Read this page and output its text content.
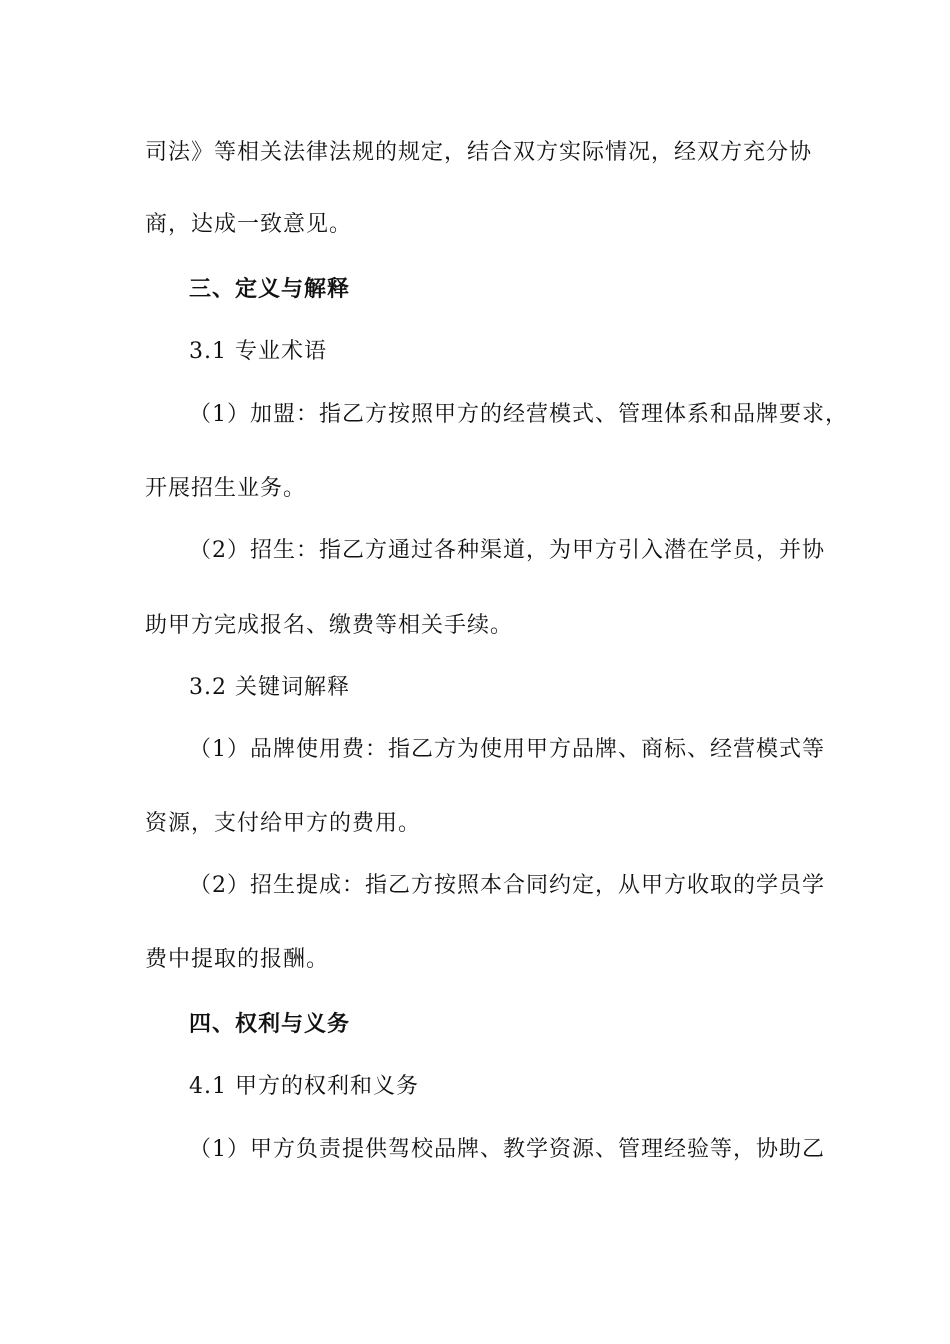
司法》等相关法律法规的规定，结合双方实际情况，经双方充分协
商，达成一致意见。
三、定义与解释
3.1 专业术语
（1）加盟：指乙方按照甲方的经营模式、管理体系和品牌要求，
开展招生业务。
（2）招生：指乙方通过各种渠道，为甲方引入潜在学员，并协
助甲方完成报名、缴费等相关手续。
3.2 关键词解释
（1）品牌使用费：指乙方为使用甲方品牌、商标、经营模式等
资源，支付给甲方的费用。
（2）招生提成：指乙方按照本合同约定，从甲方收取的学员学
费中提取的报酬。
四、权利与义务
4.1 甲方的权利和义务
（1）甲方负责提供驾校品牌、教学资源、管理经验等，协助乙
